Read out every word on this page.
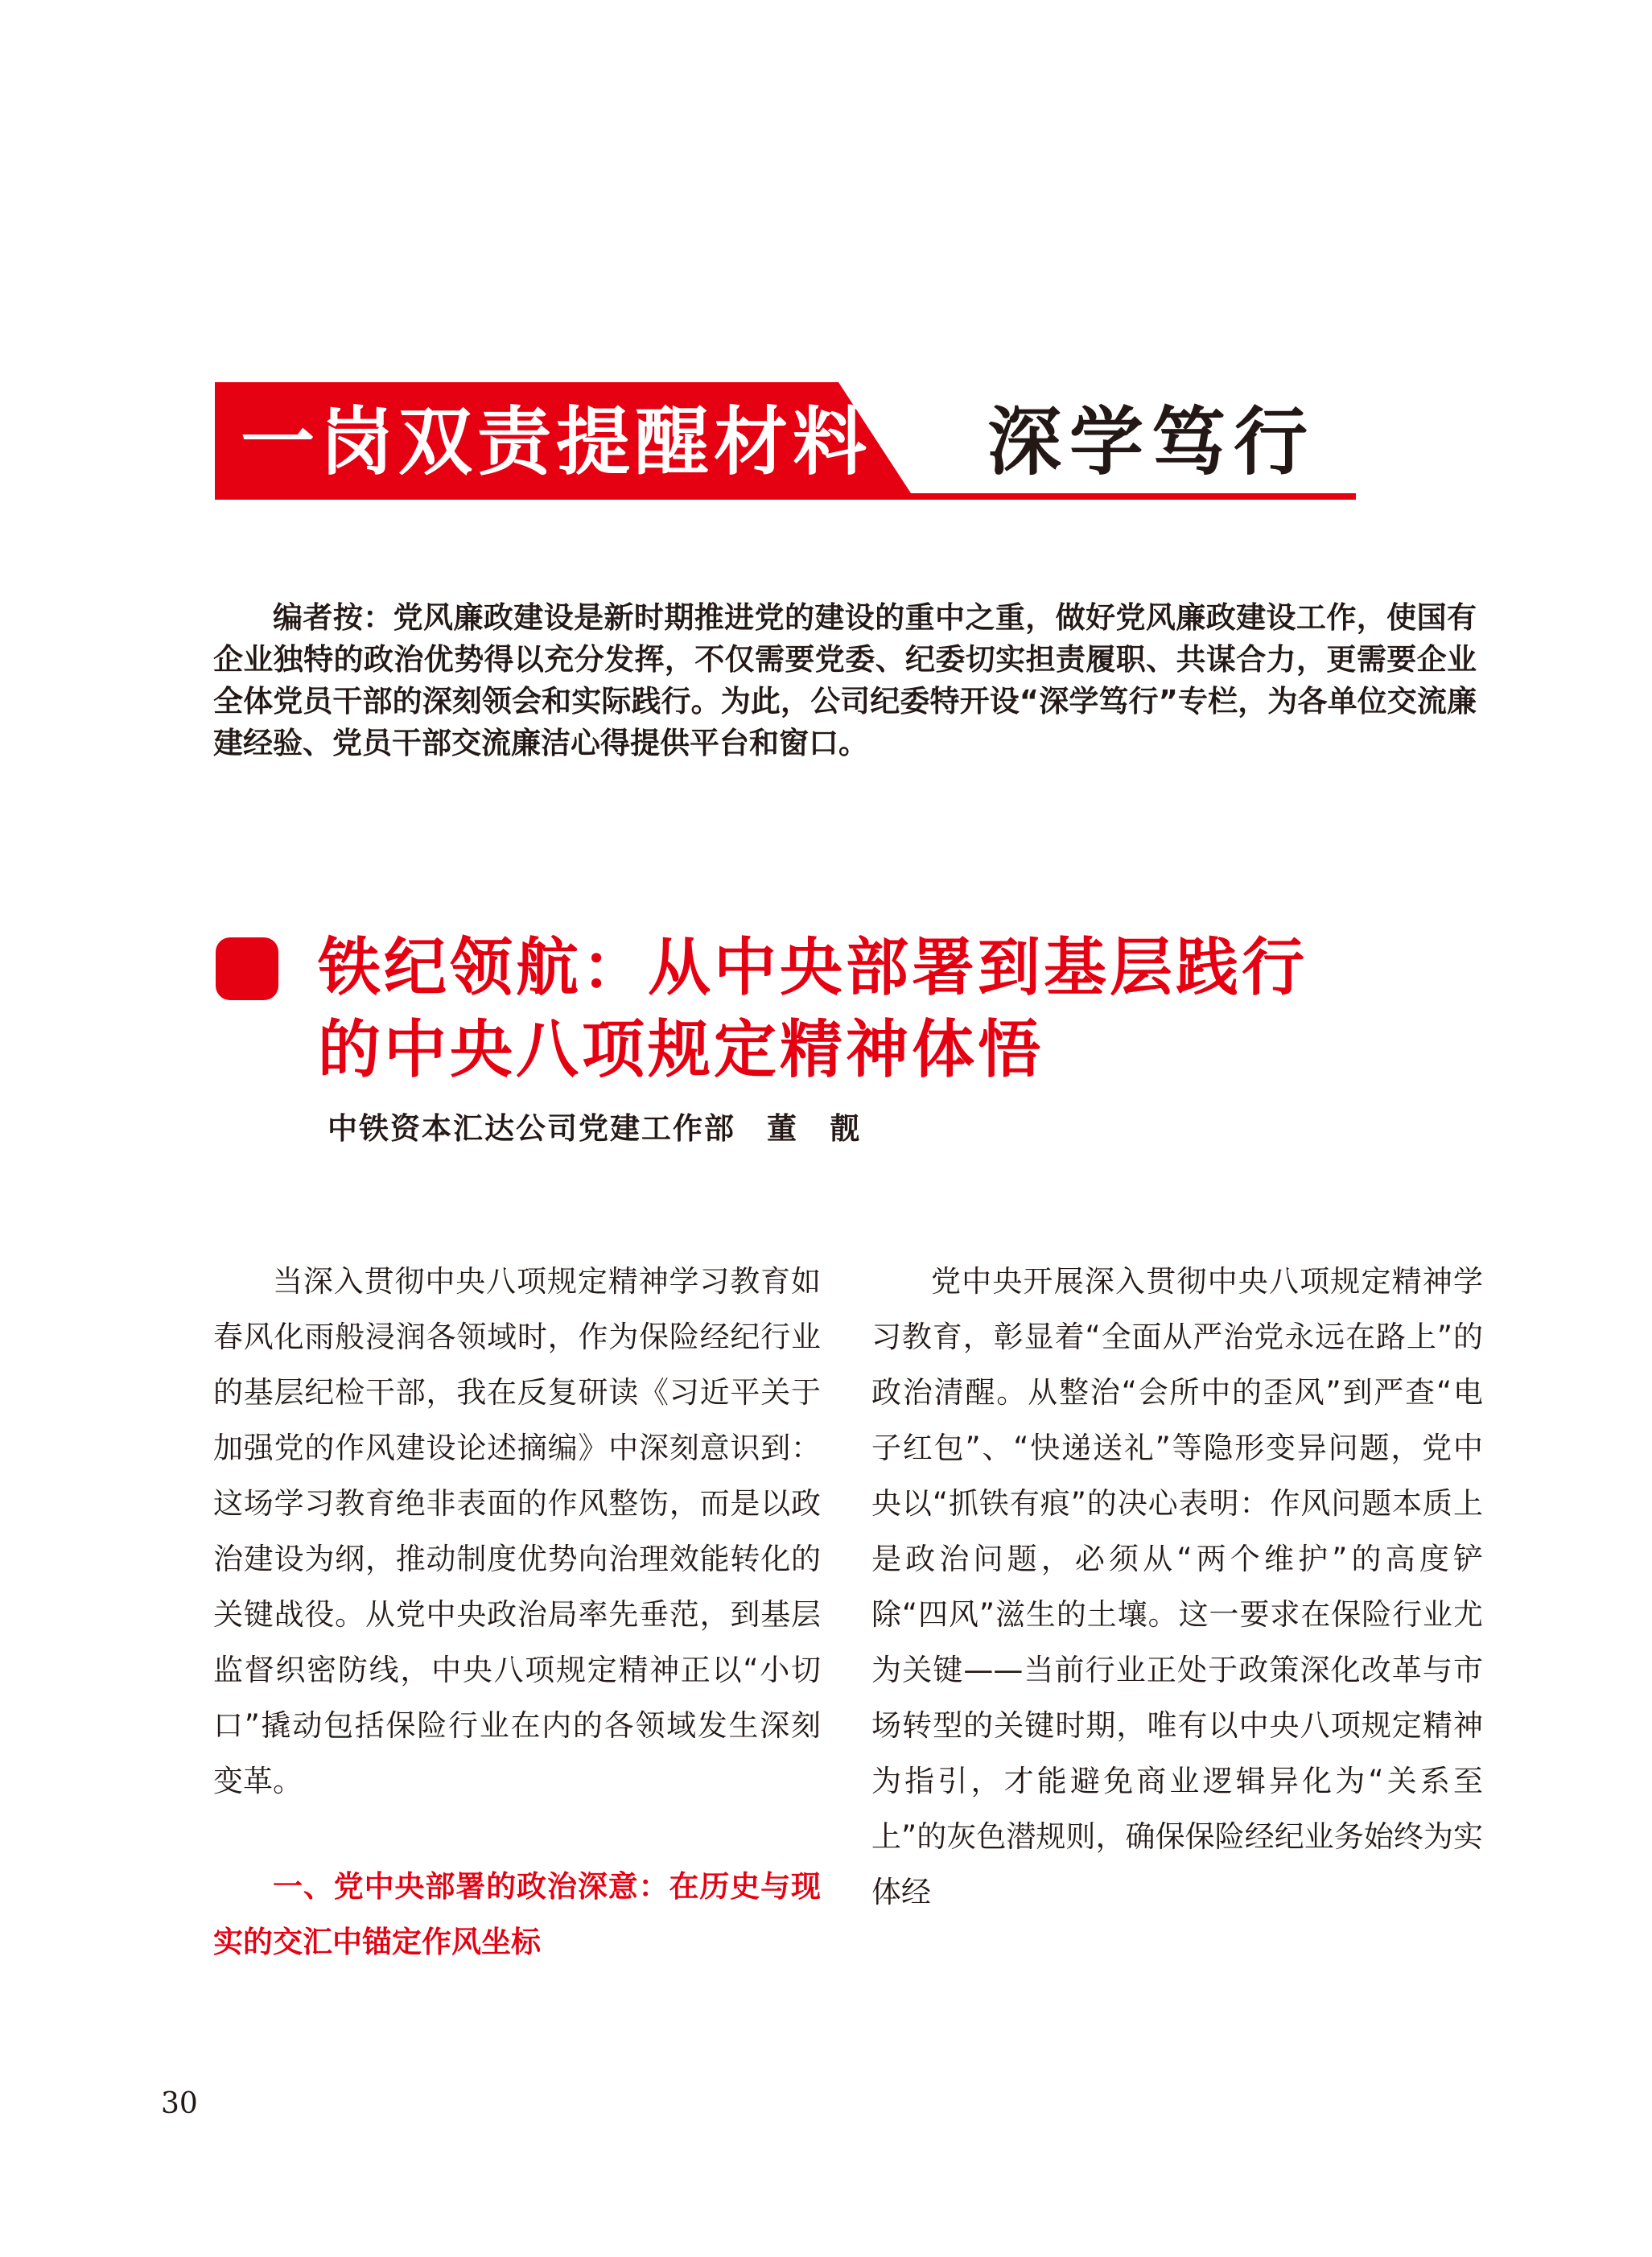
一岗双责提醒材料 深学笃行

编者按：党风廉政建设是新时期推进党的建设的重中之重，做好党风廉政建设工作，使国有企业独特的政治优势得以充分发挥，不仅需要党委、纪委切实担责履职、共谋合力，更需要企业全体党员干部的深刻领会和实际践行。为此，公司纪委特开设“深学笃行”专栏，为各单位交流廉建经验、党员干部交流廉洁心得提供平台和窗口。

铁纪领航：从中央部署到基层践行
的中央八项规定精神体悟

中铁资本汇达公司党建工作部　董　靓

当深入贯彻中央八项规定精神学习教育如春风化雨般浸润各领域时，作为保险经纪行业的基层纪检干部，我在反复研读《习近平关于加强党的作风建设论述摘编》中深刻意识到：这场学习教育绝非表面的作风整饬，而是以政治建设为纲，推动制度优势向治理效能转化的关键战役。从党中央政治局率先垂范，到基层监督织密防线，中央八项规定精神正以“小切口”撬动包括保险行业在内的各领域发生深刻变革。

一、党中央部署的政治深意：在历史与现实的交汇中锚定作风坐标

党中央开展深入贯彻中央八项规定精神学习教育，彰显着“全面从严治党永远在路上”的政治清醒。从整治“会所中的歪风”到严查“电子红包”、“快递送礼”等隐形变异问题，党中央以“抓铁有痕”的决心表明：作风问题本质上是政治问题，必须从“两个维护”的高度铲除“四风”滋生的土壤。这一要求在保险行业尤为关键——当前行业正处于政策深化改革与市场转型的关键时期，唯有以中央八项规定精神为指引，才能避免商业逻辑异化为“关系至上”的灰色潜规则，确保保险经纪业务始终为实体经

30
